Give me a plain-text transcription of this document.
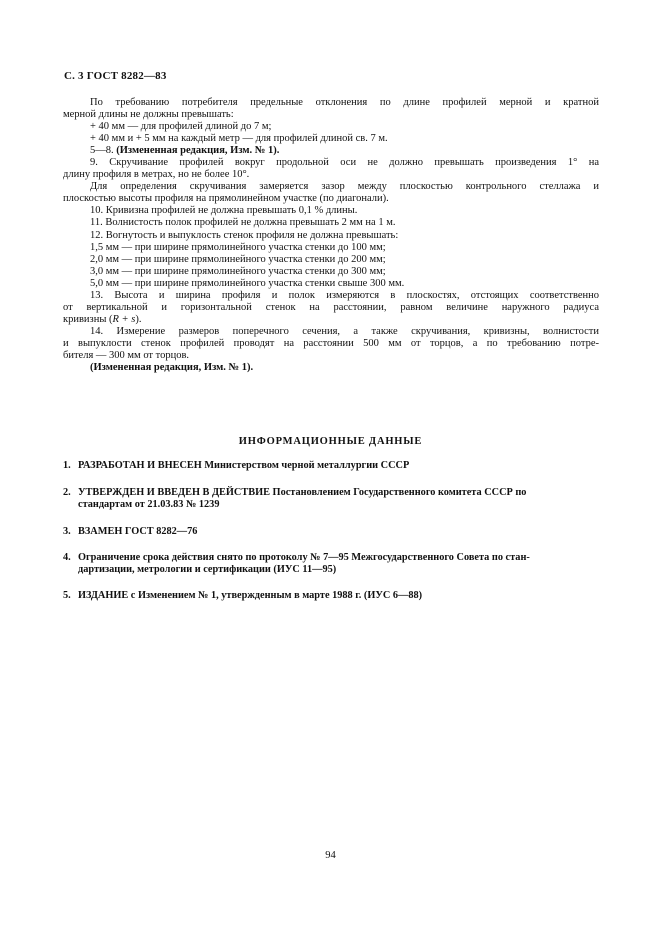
С. 3 ГОСТ 8282—83

По требованию потребителя предельные отклонения по длине профилей мерной и кратной

мерной длины не должны превышать:

+ 40 мм — для профилей длиной до 7 м;

+ 40 мм и + 5 мм на каждый метр — для профилей длиной св. 7 м.

5—8. (Измененная редакция, Изм. № 1).

9. Скручивание профилей вокруг продольной оси не должно превышать произведения 1° на

длину профиля в метрах, но не более 10°.

Для определения скручивания замеряется зазор между плоскостью контрольного стеллажа и

плоскостью высоты профиля на прямолинейном участке (по диагонали).

10. Кривизна профилей не должна превышать 0,1 % длины.

11. Волнистость полок профилей не должна превышать 2 мм на 1 м.

12. Вогнутость и выпуклость стенок профиля не должна превышать:

1,5 мм — при ширине прямолинейного участка стенки до 100 мм;

2,0 мм — при ширине прямолинейного участка стенки до 200 мм;

3,0 мм — при ширине прямолинейного участка стенки до 300 мм;

5,0 мм — при ширине прямолинейного участка стенки свыше 300 мм.

13. Высота и ширина профиля и полок измеряются в плоскостях, отстоящих соответственно

от вертикальной и горизонтальной стенок на расстоянии, равном величине наружного радиуса

кривизны (R + s).

14. Измерение размеров поперечного сечения, а также скручивания, кривизны, волнистости

и выпуклости стенок профилей проводят на расстоянии 500 мм от торцов, а по требованию потре-

бителя — 300 мм от торцов.

(Измененная редакция, Изм. № 1).

ИНФОРМАЦИОННЫЕ ДАННЫЕ
1. РАЗРАБОТАН И ВНЕСЕН Министерством черной металлургии СССР
2. УТВЕРЖДЕН И ВВЕДЕН В ДЕЙСТВИЕ Постановлением Государственного комитета СССР по
стандартам от 21.03.83 № 1239
3. ВЗАМЕН ГОСТ 8282—76
4. Ограничение срока действия снято по протоколу № 7—95 Межгосударственного Совета по стан-
дартизации, метрологии и сертификации (ИУС 11—95)
5. ИЗДАНИЕ с Изменением № 1, утвержденным в марте 1988 г. (ИУС 6—88)
94
